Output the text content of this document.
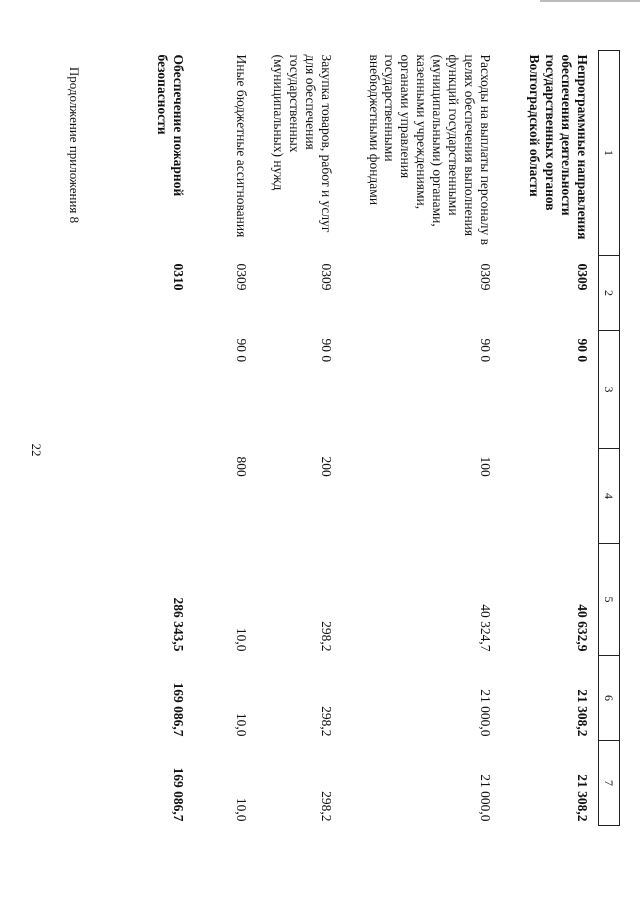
22
Продолжение приложения 8	1	2	3	4	5	6	7
Непрограммные направления обеспечения деятельности государственных органов Волгоградской области	0309	90 0		40 632,9	21 308,2	21 308,2
Расходы на выплаты персоналу в целях обеспечения выполнения функций государственными (муниципальными) органами, казенными учреждениями, органами управления государственными внебюджетными фондами	0309	90 0	100	40 324,7	21 000,0	21 000,0
Закупка товаров, работ и услуг для обеспечения государственных (муниципальных) нужд	0309	90 0	200	298,2	298,2	298,2
Иные бюджетные ассигнования	0309	90 0	800	10,0	10,0	10,0
Обеспечение пожарной безопасности	0310			286 343,5	169 086,7	169 086,7
